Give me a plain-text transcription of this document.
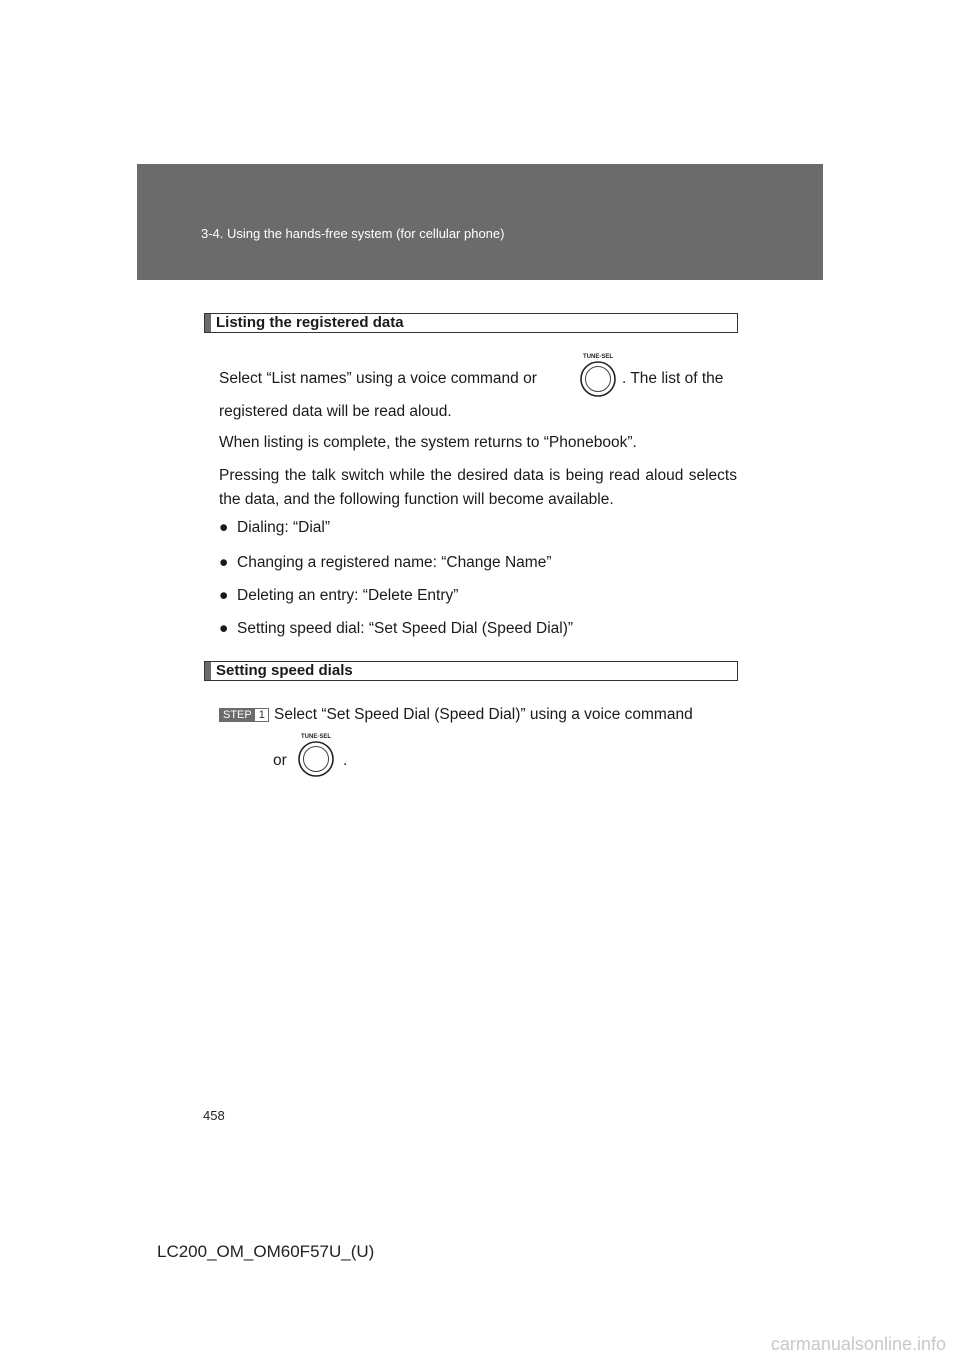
3-4. Using the hands-free system (for cellular phone)
Listing the registered data
Select “List names” using a voice command or
TUNE·SEL
. The list of the
registered data will be read aloud.
When listing is complete, the system returns to “Phonebook”.
Pressing the talk switch while the desired data is being read aloud selects the data, and the following function will become available.
● Dialing: “Dial”
● Changing a registered name: “Change Name”
● Deleting an entry: “Delete Entry”
● Setting speed dial: “Set Speed Dial (Speed Dial)”
Setting speed dials
STEP 1 Select “Set Speed Dial (Speed Dial)” using a voice command
or
TUNE·SEL
.
458
LC200_OM_OM60F57U_(U)
carmanualsonline.info
